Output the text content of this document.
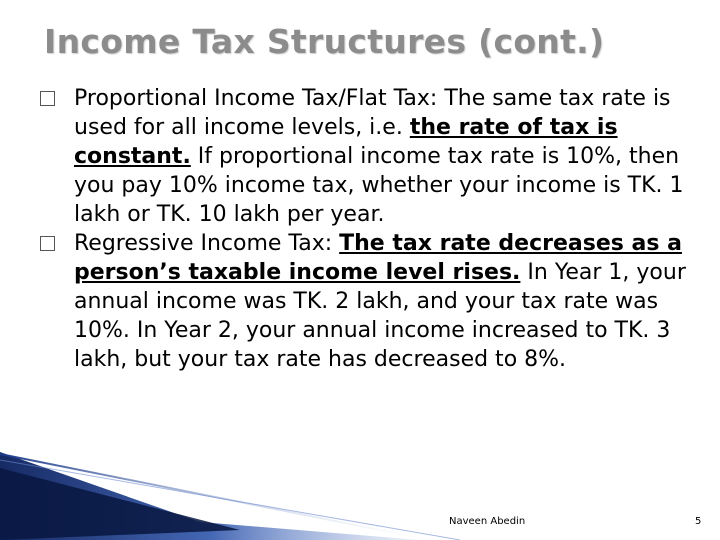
Income Tax Structures (cont.)
Proportional Income Tax/Flat Tax: The same tax rate is used for all income levels, i.e. the rate of tax is constant. If proportional income tax rate is 10%, then you pay 10% income tax, whether your income is TK. 1 lakh or TK. 10 lakh per year.
Regressive Income Tax: The tax rate decreases as a person’s taxable income level rises. In Year 1, your annual income was TK. 2 lakh, and your tax rate was 10%. In Year 2, your annual income increased to TK. 3 lakh, but your tax rate has decreased to 8%.
Naveen Abedin	5
